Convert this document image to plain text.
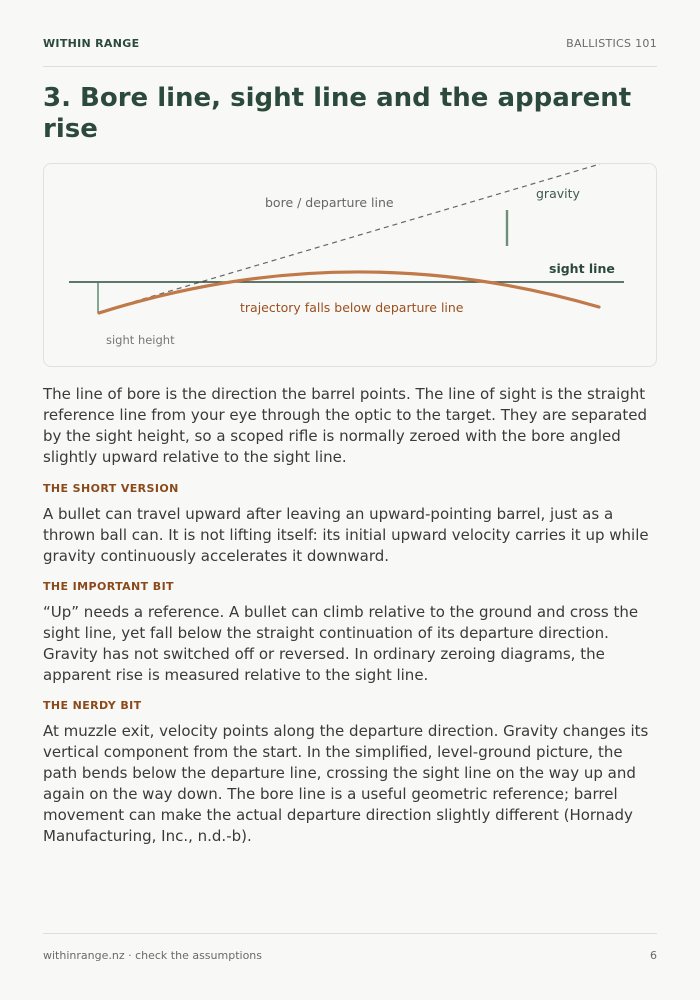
WITHIN RANGE	BALLISTICS 101
3. Bore line, sight line and the apparent rise
bore / departure line
gravity
sight line
trajectory falls below departure line
sight height

The line of bore is the direction the barrel points. The line of sight is the straight reference line from your eye through the optic to the target. They are separated by the sight height, so a scoped rifle is normally zeroed with the bore angled slightly upward relative to the sight line.

THE SHORT VERSION

A bullet can travel upward after leaving an upward-pointing barrel, just as a thrown ball can. It is not lifting itself: its initial upward velocity carries it up while gravity continuously accelerates it downward.

THE IMPORTANT BIT

“Up” needs a reference. A bullet can climb relative to the ground and cross the sight line, yet fall below the straight continuation of its departure direction. Gravity has not switched off or reversed. In ordinary zeroing diagrams, the apparent rise is measured relative to the sight line.

THE NERDY BIT

At muzzle exit, velocity points along the departure direction. Gravity changes its vertical component from the start. In the simplified, level-ground picture, the path bends below the departure line, crossing the sight line on the way up and again on the way down. The bore line is a useful geometric reference; barrel movement can make the actual departure direction slightly different (Hornady Manufacturing, Inc., n.d.-b).

withinrange.nz · check the assumptions	6
